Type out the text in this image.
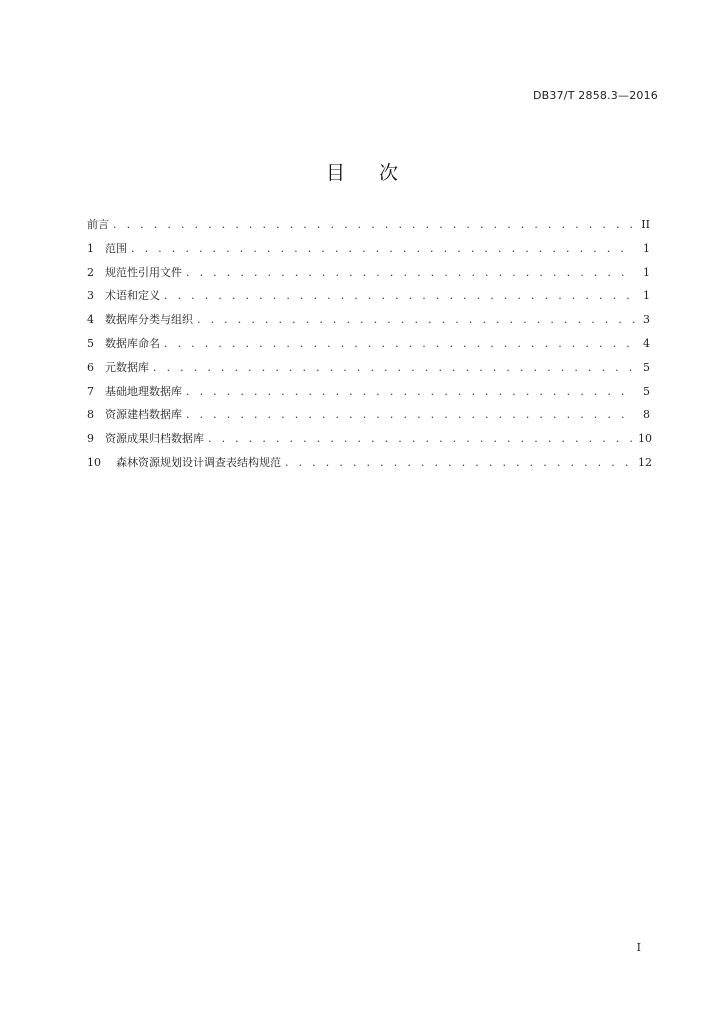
DB37/T 2858.3—2016
目 次
前言 . . .	II
1	范围 . . .	1
2	规范性引用文件 . . .	1
3	术语和定义 . . .	1
4	数据库分类与组织 . . .	3
5	数据库命名 . . .	4
6	元数据库 . . .	5
7	基础地理数据库 . . .	5
8	资源建档数据库 . . .	8
9	资源成果归档数据库 . . .	10
10	森林资源规划设计调查表结构规范 . . .	12
I
